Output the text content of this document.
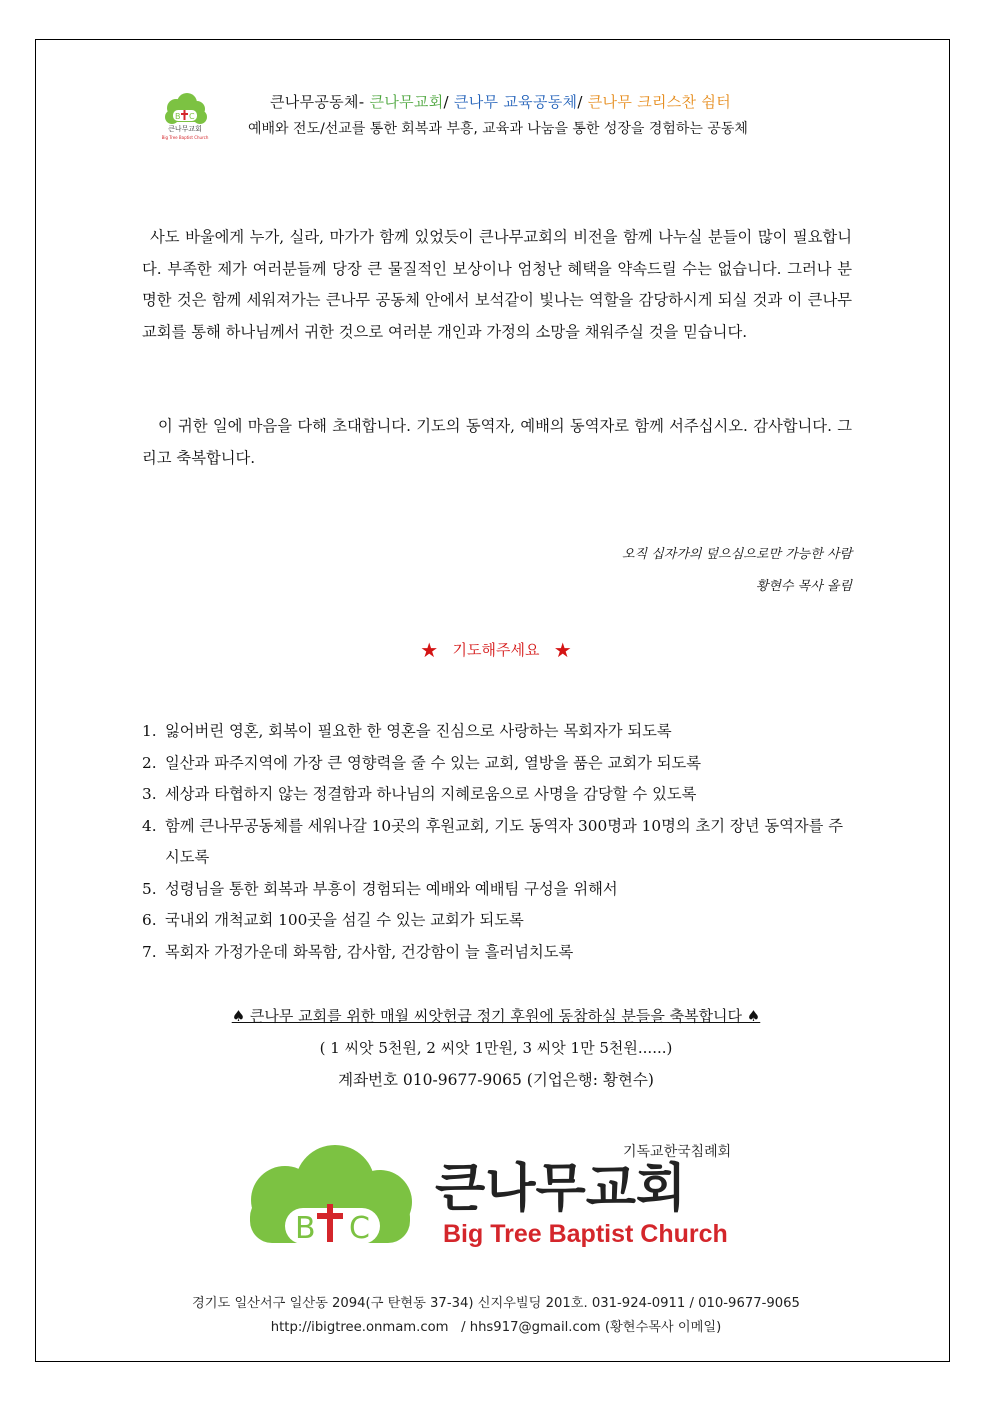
B C
큰나무교회
Big Tree Baptist Church
큰나무공동체- 큰나무교회/ 큰나무 교육공동체/ 큰나무 크리스찬 쉼터
예배와 전도/선교를 통한 회복과 부흥, 교육과 나눔을 통한 성장을 경험하는 공동체
사도 바울에게 누가, 실라, 마가가 함께 있었듯이 큰나무교회의 비전을 함께 나누실 분들이 많이 필요합니다. 부족한 제가 여러분들께 당장 큰 물질적인 보상이나 엄청난 혜택을 약속드릴 수는 없습니다. 그러나 분명한 것은 함께 세워져가는 큰나무 공동체 안에서 보석같이 빛나는 역할을 감당하시게 되실 것과 이 큰나무교회를 통해 하나님께서 귀한 것으로 여러분 개인과 가정의 소망을 채워주실 것을 믿습니다.
이 귀한 일에 마음을 다해 초대합니다. 기도의 동역자, 예배의 동역자로 함께 서주십시오. 감사합니다. 그리고 축복합니다.
오직 십자가의 덮으심으로만 가능한 사람
황현수 목사 올림
★ 기도해주세요 ★
1. 잃어버린 영혼, 회복이 필요한 한 영혼을 진심으로 사랑하는 목회자가 되도록
2. 일산과 파주지역에 가장 큰 영향력을 줄 수 있는 교회, 열방을 품은 교회가 되도록
3. 세상과 타협하지 않는 정결함과 하나님의 지혜로움으로 사명을 감당할 수 있도록
4. 함께 큰나무공동체를 세워나갈 10곳의 후원교회, 기도 동역자 300명과 10명의 초기 장년 동역자를 주시도록
5. 성령님을 통한 회복과 부흥이 경험되는 예배와 예배팀 구성을 위해서
6. 국내외 개척교회 100곳을 섬길 수 있는 교회가 되도록
7. 목회자 가정가운데 화목함, 감사함, 건강함이 늘 흘러넘치도록
♠ 큰나무 교회를 위한 매월 씨앗헌금 정기 후원에 동참하실 분들을 축복합니다 ♠
( 1 씨앗 5천원, 2 씨앗 1만원, 3 씨앗 1만 5천원......)
계좌번호 010-9677-9065 (기업은행: 황현수)
B C
기독교한국침례회
큰나무교회
Big Tree Baptist Church
경기도 일산서구 일산동 2094(구 탄현동 37-34) 신지우빌딩 201호. 031-924-0911 / 010-9677-9065
http://ibigtree.onmam.com / hhs917@gmail.com (황현수목사 이메일)
